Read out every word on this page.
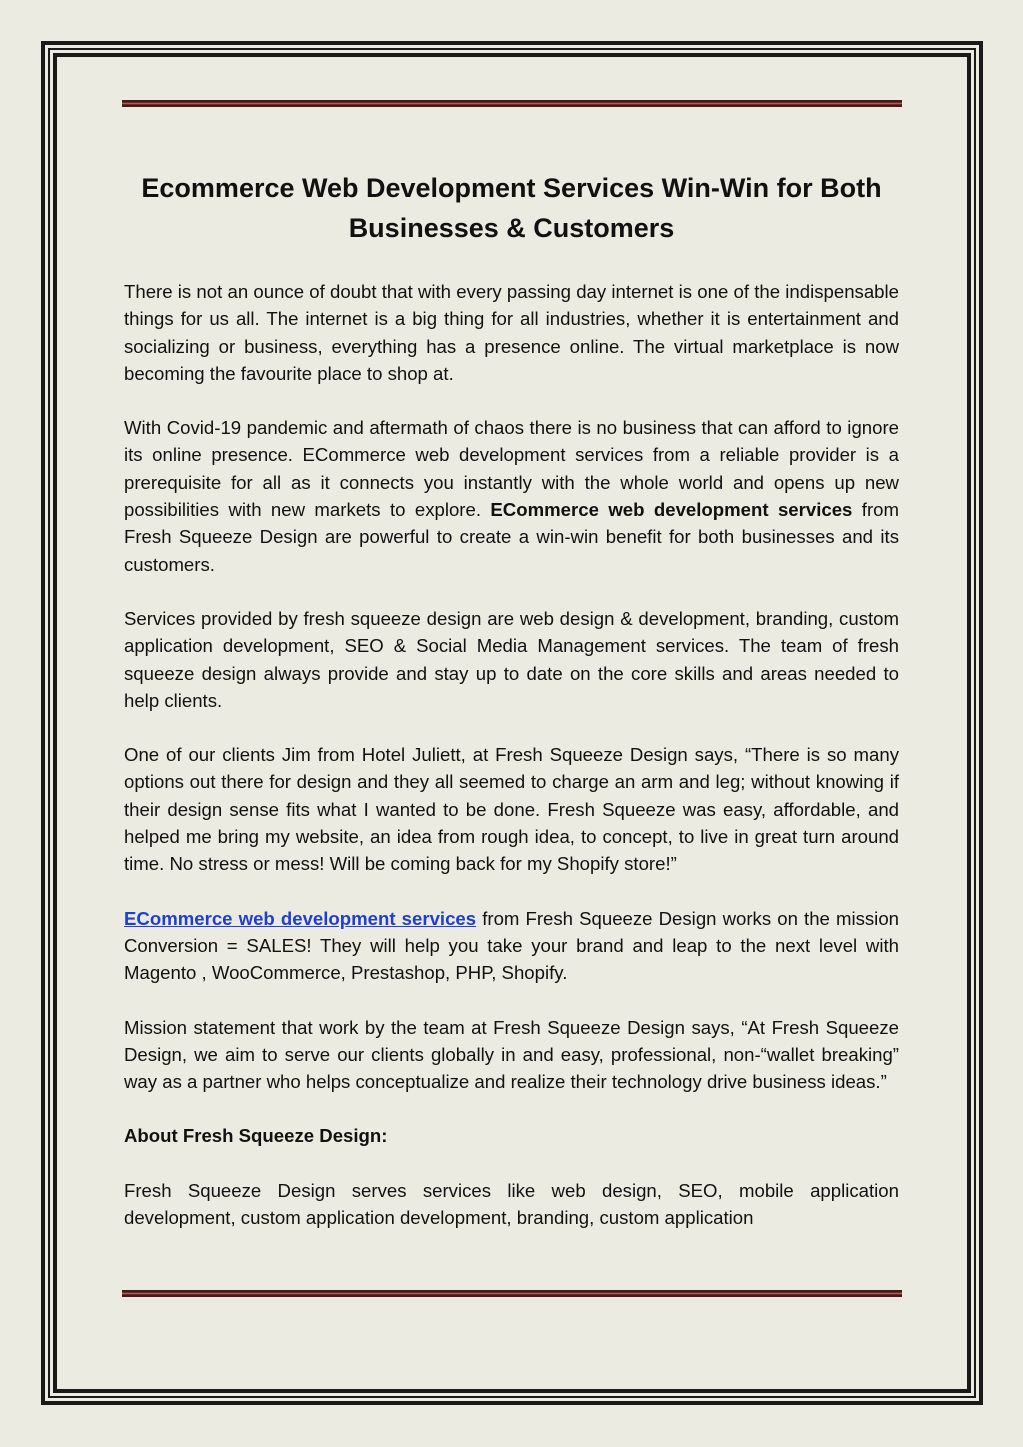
Ecommerce Web Development Services Win-Win for Both Businesses & Customers

There is not an ounce of doubt that with every passing day internet is one of the indispensable things for us all. The internet is a big thing for all industries, whether it is entertainment and socializing or business, everything has a presence online. The virtual marketplace is now becoming the favourite place to shop at.

With Covid-19 pandemic and aftermath of chaos there is no business that can afford to ignore its online presence. ECommerce web development services from a reliable provider is a prerequisite for all as it connects you instantly with the whole world and opens up new possibilities with new markets to explore. ECommerce web development services from Fresh Squeeze Design are powerful to create a win-win benefit for both businesses and its customers.

Services provided by fresh squeeze design are web design & development, branding, custom application development, SEO & Social Media Management services. The team of fresh squeeze design always provide and stay up to date on the core skills and areas needed to help clients.

One of our clients Jim from Hotel Juliett, at Fresh Squeeze Design says, “There is so many options out there for design and they all seemed to charge an arm and leg; without knowing if their design sense fits what I wanted to be done. Fresh Squeeze was easy, affordable, and helped me bring my website, an idea from rough idea, to concept, to live in great turn around time. No stress or mess! Will be coming back for my Shopify store!”

ECommerce web development services from Fresh Squeeze Design works on the mission Conversion = SALES! They will help you take your brand and leap to the next level with Magento , WooCommerce, Prestashop, PHP, Shopify.

Mission statement that work by the team at Fresh Squeeze Design says, “At Fresh Squeeze Design, we aim to serve our clients globally in and easy, professional, non-“wallet breaking” way as a partner who helps conceptualize and realize their technology drive business ideas.”

About Fresh Squeeze Design:

Fresh Squeeze Design serves services like web design, SEO, mobile application development, custom application development, branding, custom application
